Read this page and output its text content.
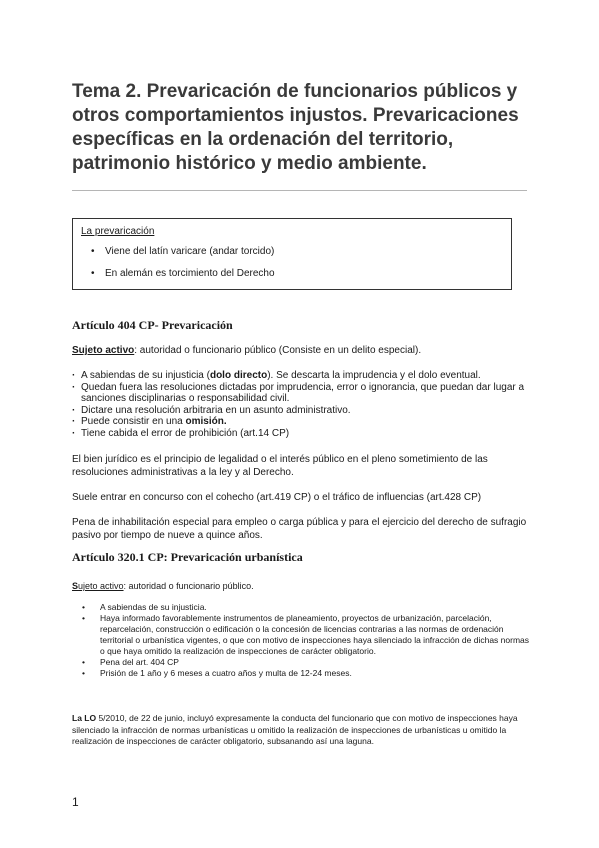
Tema 2. Prevaricación de funcionarios públicos y otros comportamientos injustos. Prevaricaciones específicas en la ordenación del territorio, patrimonio histórico y medio ambiente.
La prevaricación
• Viene del latín varicare (andar torcido)
• En alemán es torcimiento del Derecho
Artículo 404 CP- Prevaricación

Sujeto activo: autoridad o funcionario público (Consiste en un delito especial).

· A sabiendas de su injusticia (dolo directo). Se descarta la imprudencia y el dolo eventual.
· Quedan fuera las resoluciones dictadas por imprudencia, error o ignorancia, que puedan dar lugar a sanciones disciplinarias o responsabilidad civil.
· Dictare una resolución arbitraria en un asunto administrativo.
· Puede consistir en una omisión.
· Tiene cabida el error de prohibición (art.14 CP)

El bien jurídico es el principio de legalidad o el interés público en el pleno sometimiento de las resoluciones administrativas a la ley y al Derecho.

Suele entrar en concurso con el cohecho (art.419 CP) o el tráfico de influencias (art.428 CP)

Pena de inhabilitación especial para empleo o carga pública y para el ejercicio del derecho de sufragio pasivo por tiempo de nueve a quince años.

Artículo 320.1 CP: Prevaricación urbanística

Sujeto activo: autoridad o funcionario público.

• A sabiendas de su injusticia.
• Haya informado favorablemente instrumentos de planeamiento, proyectos de urbanización, parcelación, reparcelación, construcción o edificación o la concesión de licencias contrarias a las normas de ordenación territorial o urbanística vigentes, o que con motivo de inspecciones haya silenciado la infracción de dichas normas o que haya omitido la realización de inspecciones de carácter obligatorio.
• Pena del art. 404 CP
• Prisión de 1 año y 6 meses a cuatro años y multa de 12-24 meses.

La LO 5/2010, de 22 de junio, incluyó expresamente la conducta del funcionario que con motivo de inspecciones haya silenciado la infracción de normas urbanísticas u omitido la realización de inspecciones de urbanísticas u omitido la realización de inspecciones de carácter obligatorio, subsanando así una laguna.

1
